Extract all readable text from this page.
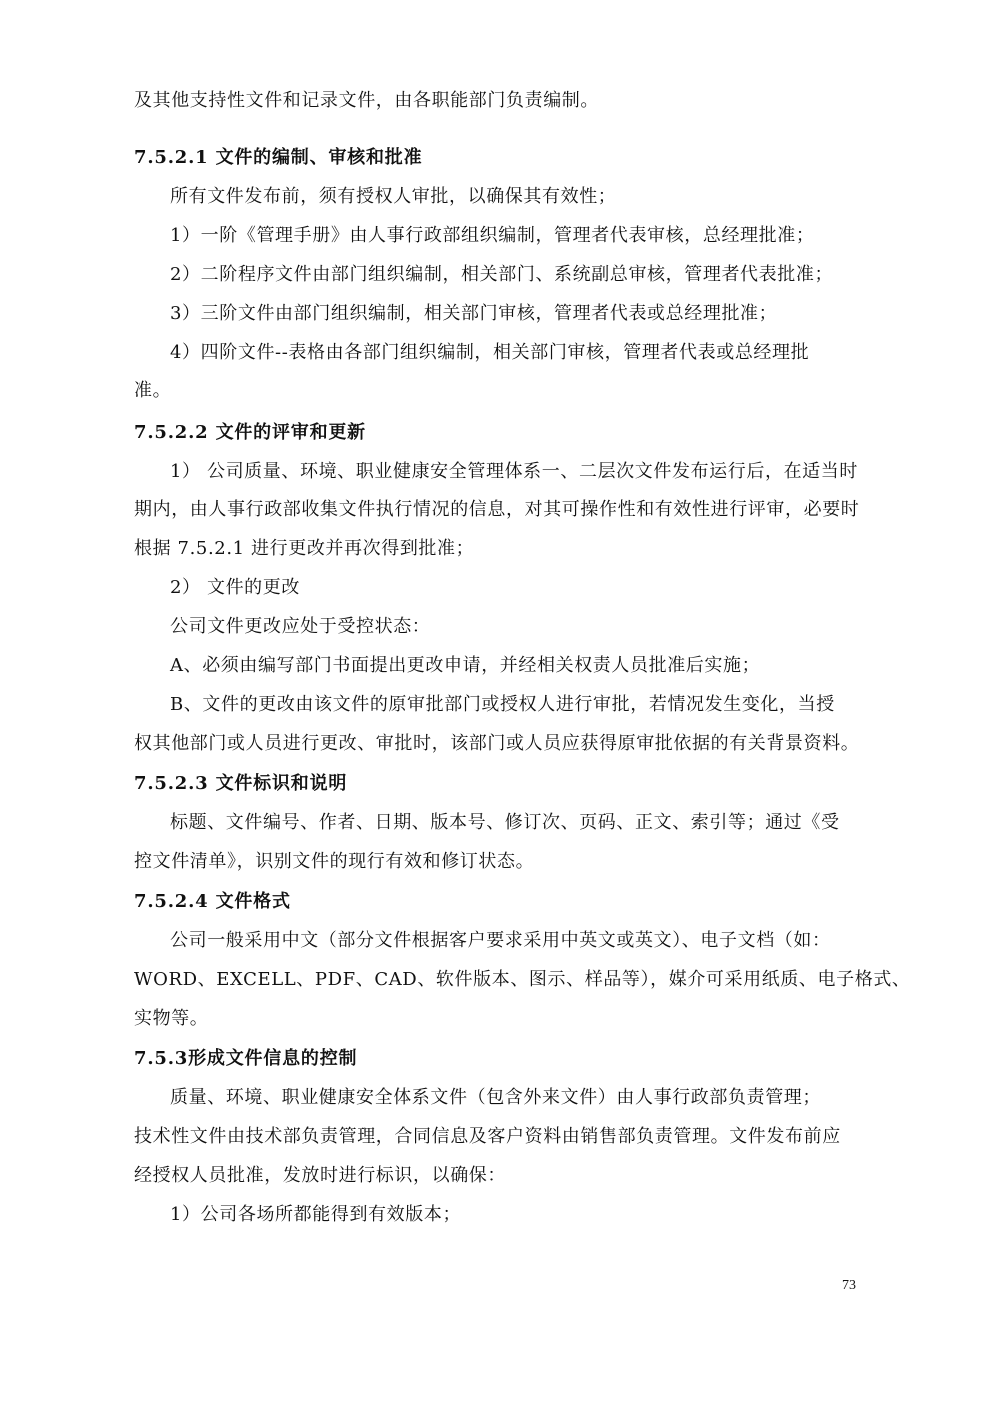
及其他支持性文件和记录文件，由各职能部门负责编制。
7.5.2.1 文件的编制、审核和批准
所有文件发布前，须有授权人审批，以确保其有效性；
1）一阶《管理手册》由人事行政部组织编制，管理者代表审核，总经理批准；
2）二阶程序文件由部门组织编制，相关部门、系统副总审核，管理者代表批准；
3）三阶文件由部门组织编制，相关部门审核，管理者代表或总经理批准；
4）四阶文件--表格由各部门组织编制，相关部门审核，管理者代表或总经理批
准。
7.5.2.2 文件的评审和更新
1） 公司质量、环境、职业健康安全管理体系一、二层次文件发布运行后，在适当时
期内，由人事行政部收集文件执行情况的信息，对其可操作性和有效性进行评审，必要时
根据 7.5.2.1 进行更改并再次得到批准；
2） 文件的更改
公司文件更改应处于受控状态：
A、必须由编写部门书面提出更改申请，并经相关权责人员批准后实施；
B、文件的更改由该文件的原审批部门或授权人进行审批，若情况发生变化，当授
权其他部门或人员进行更改、审批时，该部门或人员应获得原审批依据的有关背景资料。
7.5.2.3 文件标识和说明
标题、文件编号、作者、日期、版本号、修订次、页码、正文、索引等；通过《受
控文件清单》，识别文件的现行有效和修订状态。
7.5.2.4 文件格式
公司一般采用中文（部分文件根据客户要求采用中英文或英文）、电子文档（如：
WORD、EXCELL、PDF、CAD、软件版本、图示、样品等），媒介可采用纸质、电子格式、
实物等。
7.5.3形成文件信息的控制
质量、环境、职业健康安全体系文件（包含外来文件）由人事行政部负责管理；
技术性文件由技术部负责管理，合同信息及客户资料由销售部负责管理。文件发布前应
经授权人员批准，发放时进行标识，以确保：
1）公司各场所都能得到有效版本；
73
